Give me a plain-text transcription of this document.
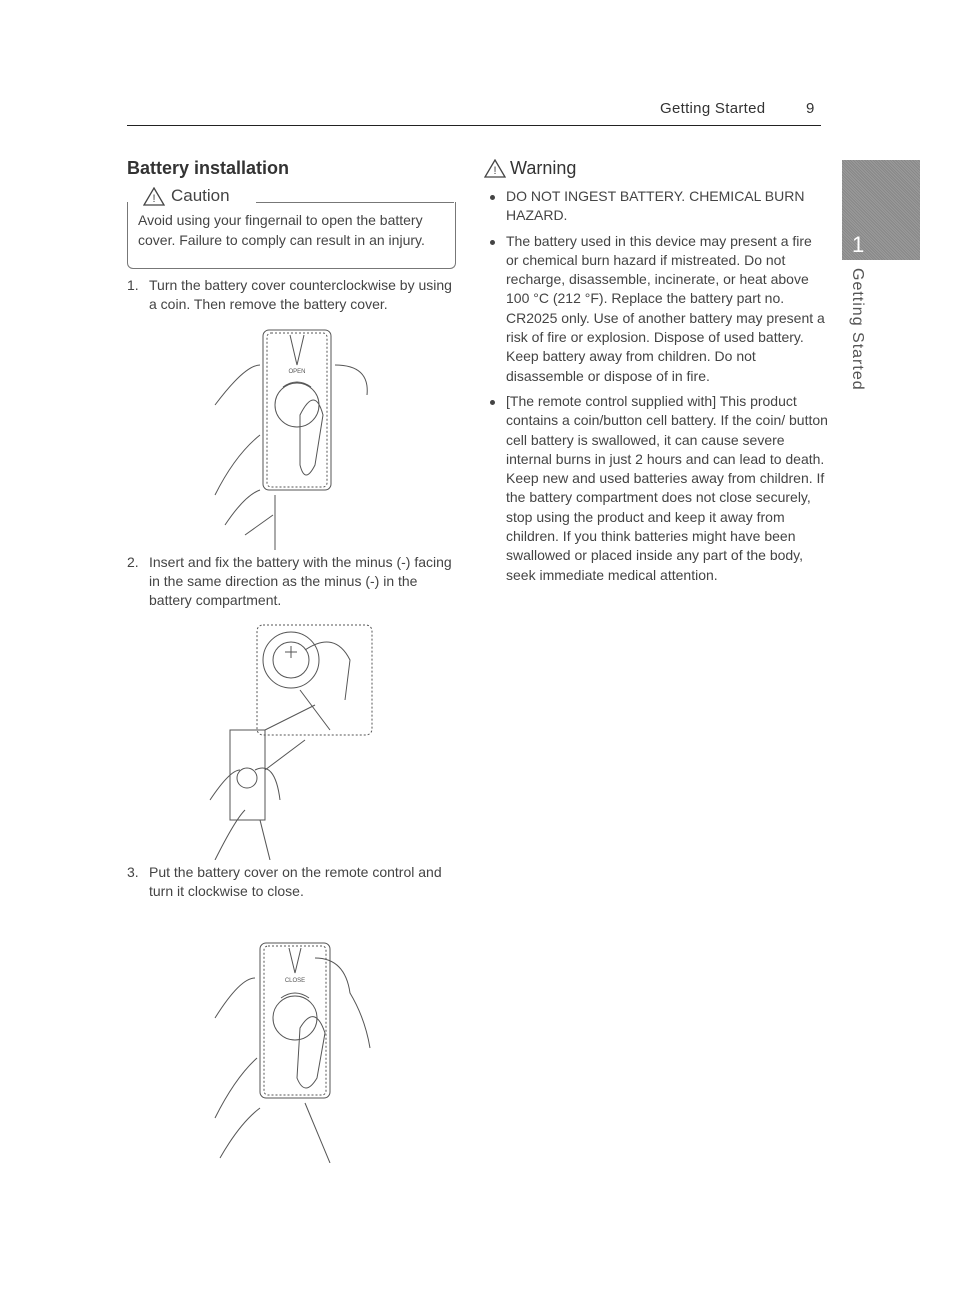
Getting Started	9
1
Getting Started
Battery installation
! Caution
Avoid using your fingernail to open the battery cover. Failure to comply can result in an injury.
1. Turn the battery cover counterclockwise by using a coin. Then remove the battery cover.
OPEN
2. Insert and fix the battery with the minus (-) facing in the same direction as the minus (-) in the battery compartment.
3. Put the battery cover on the remote control and turn it clockwise to close.
CLOSE
! Warning
DO NOT INGEST BATTERY. CHEMICAL BURN HAZARD.
The battery used in this device may present a fire or chemical burn hazard if mistreated. Do not recharge, disassemble, incinerate, or heat above 100 °C (212 °F). Replace the battery part no. CR2025 only. Use of another battery may present a risk of fire or explosion. Dispose of used battery. Keep battery away from children. Do not disassemble or dispose of in fire.
[The remote control supplied with] This product contains a coin/button cell battery. If the coin/ button cell battery is swallowed, it can cause severe internal burns in just 2 hours and can lead to death. Keep new and used batteries away from children. If the battery compartment does not close securely, stop using the product and keep it away from children. If you think batteries might have been swallowed or placed inside any part of the body, seek immediate medical attention.
